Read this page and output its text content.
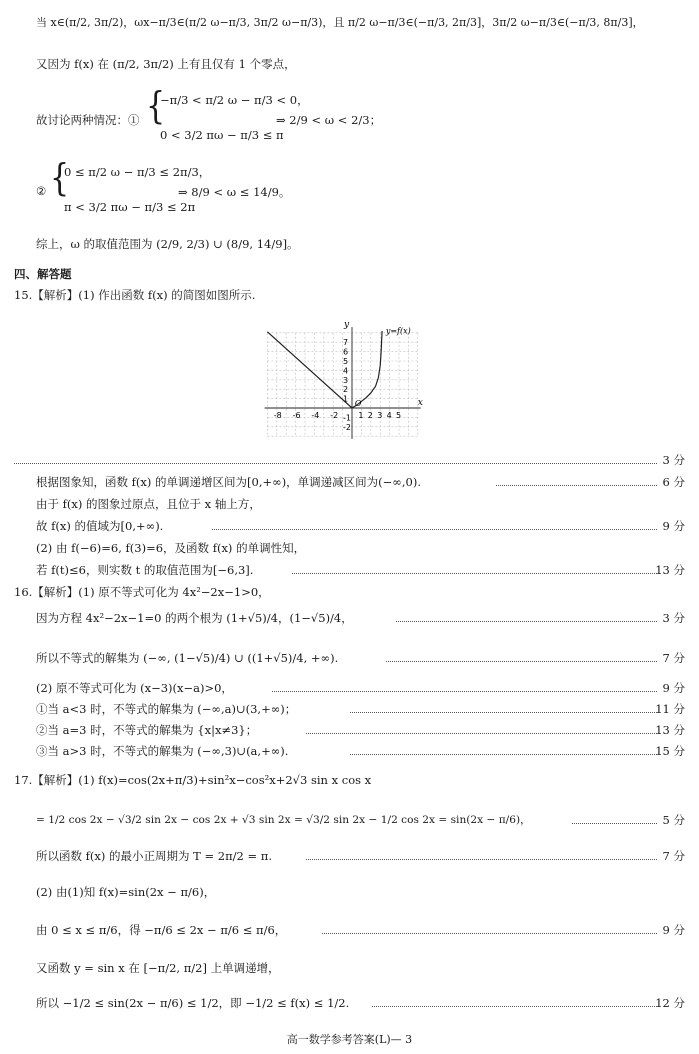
当 x∈(π/2, 3π/2)，ωx−π/3∈(π/2 ω−π/3, 3π/2 ω−π/3)，且 π/2 ω−π/3∈(−π/3, 2π/3]，3π/2 ω−π/3∈(−π/3, 8π/3]，
又因为 f(x) 在 (π/2, 3π/2) 上有且仅有 1 个零点，
故讨论两种情况：① {
−π/3 < π/2 ω − π/3 < 0，
0 < 3/2 πω − π/3 ≤ π
⇒ 2/9 < ω < 2/3；
② {
0 ≤ π/2 ω − π/3 ≤ 2π/3，
π < 3/2 πω − π/3 ≤ 2π
⇒ 8/9 < ω ≤ 14/9。
综上，ω 的取值范围为 (2/9, 2/3) ∪ (8/9, 14/9]。
四、解答题
15.【解析】(1) 作出函数 f(x) 的简图如图所示.
-8 -6 -4 -2	1 2 3 4 5
7
6
5
4
3
2
1
-1
-2
y
x
y=f(x)
O
3 分
根据图象知，函数 f(x) 的单调递增区间为[0,+∞)，单调递减区间为(−∞,0).	6 分
由于 f(x) 的图象过原点，且位于 x 轴上方，
故 f(x) 的值域为[0,+∞).	9 分
(2) 由 f(−6)=6, f(3)=6，及函数 f(x) 的单调性知，
若 f(t)≤6，则实数 t 的取值范围为[−6,3].	13 分
16.【解析】(1) 原不等式可化为 4x²−2x−1>0，
因为方程 4x²−2x−1=0 的两个根为 (1+√5)/4，(1−√5)/4，	3 分
所以不等式的解集为 (−∞, (1−√5)/4) ∪ ((1+√5)/4, +∞).	7 分
(2) 原不等式可化为 (x−3)(x−a)>0，	9 分
①当 a<3 时，不等式的解集为 (−∞,a)∪(3,+∞)；	11 分
②当 a=3 时，不等式的解集为 {x|x≠3}；	13 分
③当 a>3 时，不等式的解集为 (−∞,3)∪(a,+∞).	15 分
17.【解析】(1) f(x)=cos(2x+π/3)+sin²x−cos²x+2√3 sin x cos x
= 1/2 cos 2x − √3/2 sin 2x − cos 2x + √3 sin 2x = √3/2 sin 2x − 1/2 cos 2x = sin(2x − π/6)，	5 分
所以函数 f(x) 的最小正周期为 T = 2π/2 = π.	7 分
(2) 由(1)知 f(x)=sin(2x − π/6)，
由 0 ≤ x ≤ π/6，得 −π/6 ≤ 2x − π/6 ≤ π/6，	9 分
又函数 y = sin x 在 [−π/2, π/2] 上单调递增，
所以 −1/2 ≤ sin(2x − π/6) ≤ 1/2，即 −1/2 ≤ f(x) ≤ 1/2.	12 分
高一数学参考答案(L)— 3
